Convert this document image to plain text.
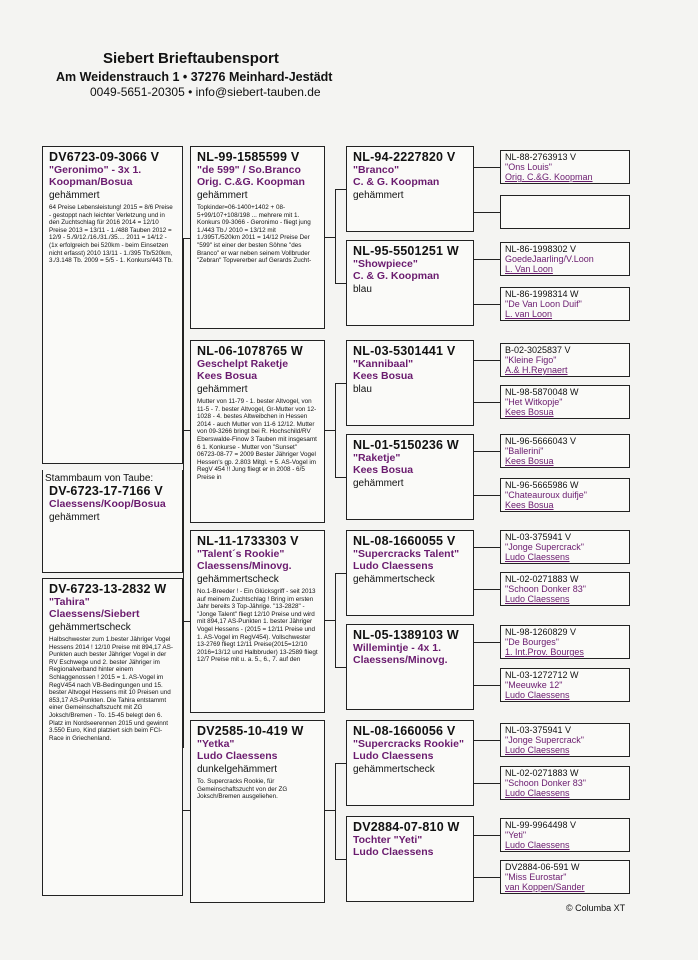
Siebert Brieftaubensport
Am Weidenstrauch 1 • 37276 Meinhard-Jestädt
0049-5651-20305 • info@siebert-tauben.de
DV6723-09-3066 V
"Geronimo" - 3x 1.
Koopman/Bosua
gehämmert
64 Preise Lebensleistung! 2015 = 8/6 Preise - gestoppt nach leichter Verletzung und in den Zuchtschlag für 2016 2014 = 12/10 Preise 2013 = 13/11 - 1./488 Tauben 2012 = 12/9 - 5./9/12./16./31./35.... 2011 = 14/12 - (1x erfolgreich bei 520km - beim Einsetzen nicht erfasst) 2010 13/11 - 1./395 Tb/520km, 3./3.148 Tb. 2009 = 5/5 - 1. Konkurs/443 Tb.
Stammbaum von Taube:
DV-6723-17-7166 V
Claessens/Koop/Bosua
gehämmert
DV-6723-13-2832 W
"Tahira"
Claessens/Siebert
gehämmertscheck
Halbschwester zum 1.bester Jähriger Vogel Hessens 2014 ! 12/10 Preise mit 894,17 AS-Punkten auch bester Jähriger Vogel in der RV Eschwege und 2. bester Jähriger im Regionalverband hinter einem Schlaggenossen ! 2015 = 1. AS-Vogel im RegV454 nach VB-Bedingungen und 15. bester Altvogel Hessens mit 10 Preisen und 853,17 AS-Punkten. Die Tahira entstammt einer Gemeinschaftszucht mit ZG Joksch/Bremen - To. 15-45 belegt den 6. Platz im Nordseerennen 2015 und gewinnt 3.550 Euro, Kind platziert sich beim FCI-Race in Griechenland.
NL-99-1585599 V
"de 599" / So.Branco
Orig. C.&G. Koopman
gehämmert
Topkinder=06-1400+1402 + 08-5+99/107+108/198 ... mehrere mit 1. Konkurs 09-3066 - Geronimo - fliegt jung 1./443 Tb./ 2010 = 13/12 mit 1./395T./520km 2011 = 14/12 Preise Der "599" ist einer der besten Söhne "des Branco" er war neben seinem Vollbruder "Zebran" Topvererber auf Gerards Zucht-
NL-06-1078765 W
Geschelpt Raketje
Kees Bosua
gehämmert
Mutter von 11-79 - 1. bester Altvogel, von 11-5 - 7. bester Altvogel, Gr-Mutter von 12-1028 - 4. bestes Altweibchen in Hessen 2014 - auch Mutter von 11-6 12/12. Mutter von 09-3266 bringt bei R. Hochschild/RV Eberswalde-Finow 3 Tauben mit insgesamt 6 1. Konkurse - Mutter von "Sunset" 06723-08-77 = 2009 Bester Jähriger Vogel Hessen's gp. 2.803 Mitgl. + 5. AS-Vogel im RegV 454 !! Jung fliegt er in 2008 - 6/5 Preise in
NL-11-1733303 V
"Talent´s Rookie"
Claessens/Minovg.
gehämmertscheck
No.1-Breeder ! - Ein Glücksgriff - seit 2013 auf meinem Zuchtschlag ! Bring im ersten Jahr bereits 3 Top-Jährige. "13-2828" - "Jonge Talent" fliegt 12/10 Preise und wird mit 894,17 AS-Punkten 1. bester Jähriger Vogel Hessens - (2015 = 12/11 Preise und 1. AS-Vogel im RegV454). Vollschwester 13-2769 fliegt 12/11 Preise(2015=12/10 2016=13/12 und Halbbruder) 13-2589 fliegt 12/7 Preise mit u. a. 5., 6., 7. auf den
DV2585-10-419 W
"Yetka"
Ludo Claessens
dunkelgehämmert
To. Supercracks Rookie, für Gemeinschaftszucht von der ZG Joksch/Bremen ausgeliehen.
NL-94-2227820 V
"Branco"
C. & G. Koopman
gehämmert
NL-95-5501251 W
"Showpiece"
C. & G. Koopman
blau
NL-03-5301441 V
"Kannibaal"
Kees Bosua
blau
NL-01-5150236 W
"Raketje"
Kees Bosua
gehämmert
NL-08-1660055 V
"Supercracks Talent"
Ludo Claessens
gehämmertscheck
NL-05-1389103 W
Willemintje - 4x 1.
Claessens/Minovg.
NL-08-1660056 V
"Supercracks Rookie"
Ludo Claessens
gehämmertscheck
DV2884-07-810 W
Tochter "Yeti"
Ludo Claessens
NL-88-2763913 V
"Ons Louis"
Orig. C.&G. Koopman
NL-86-1998302 V
GoedeJaarling/V.Loon
L. Van Loon
NL-86-1998314 W
"De Van Loon Duif"
L. van Loon
B-02-3025837 V
"Kleine Figo"
A.& H.Reynaert
NL-98-5870048 W
"Het Witkopje"
Kees Bosua
NL-96-5666043 V
"Ballerini"
Kees Bosua
NL-96-5665986 W
"Chateauroux duifje"
Kees Bosua
NL-03-375941 V
"Jonge Supercrack"
Ludo Claessens
NL-02-0271883 W
"Schoon Donker 83"
Ludo Claessens
NL-98-1260829 V
"De Bourges"
1. Int.Prov. Bourges
NL-03-1272712 W
"Meeuwke 12"
Ludo Claessens
NL-03-375941 V
"Jonge Supercrack"
Ludo Claessens
NL-02-0271883 W
"Schoon Donker 83"
Ludo Claessens
NL-99-9964498 V
"Yeti"
Ludo Claessens
DV2884-06-591 W
"Miss Eurostar"
van Koppen/Sander
© Columba XT
